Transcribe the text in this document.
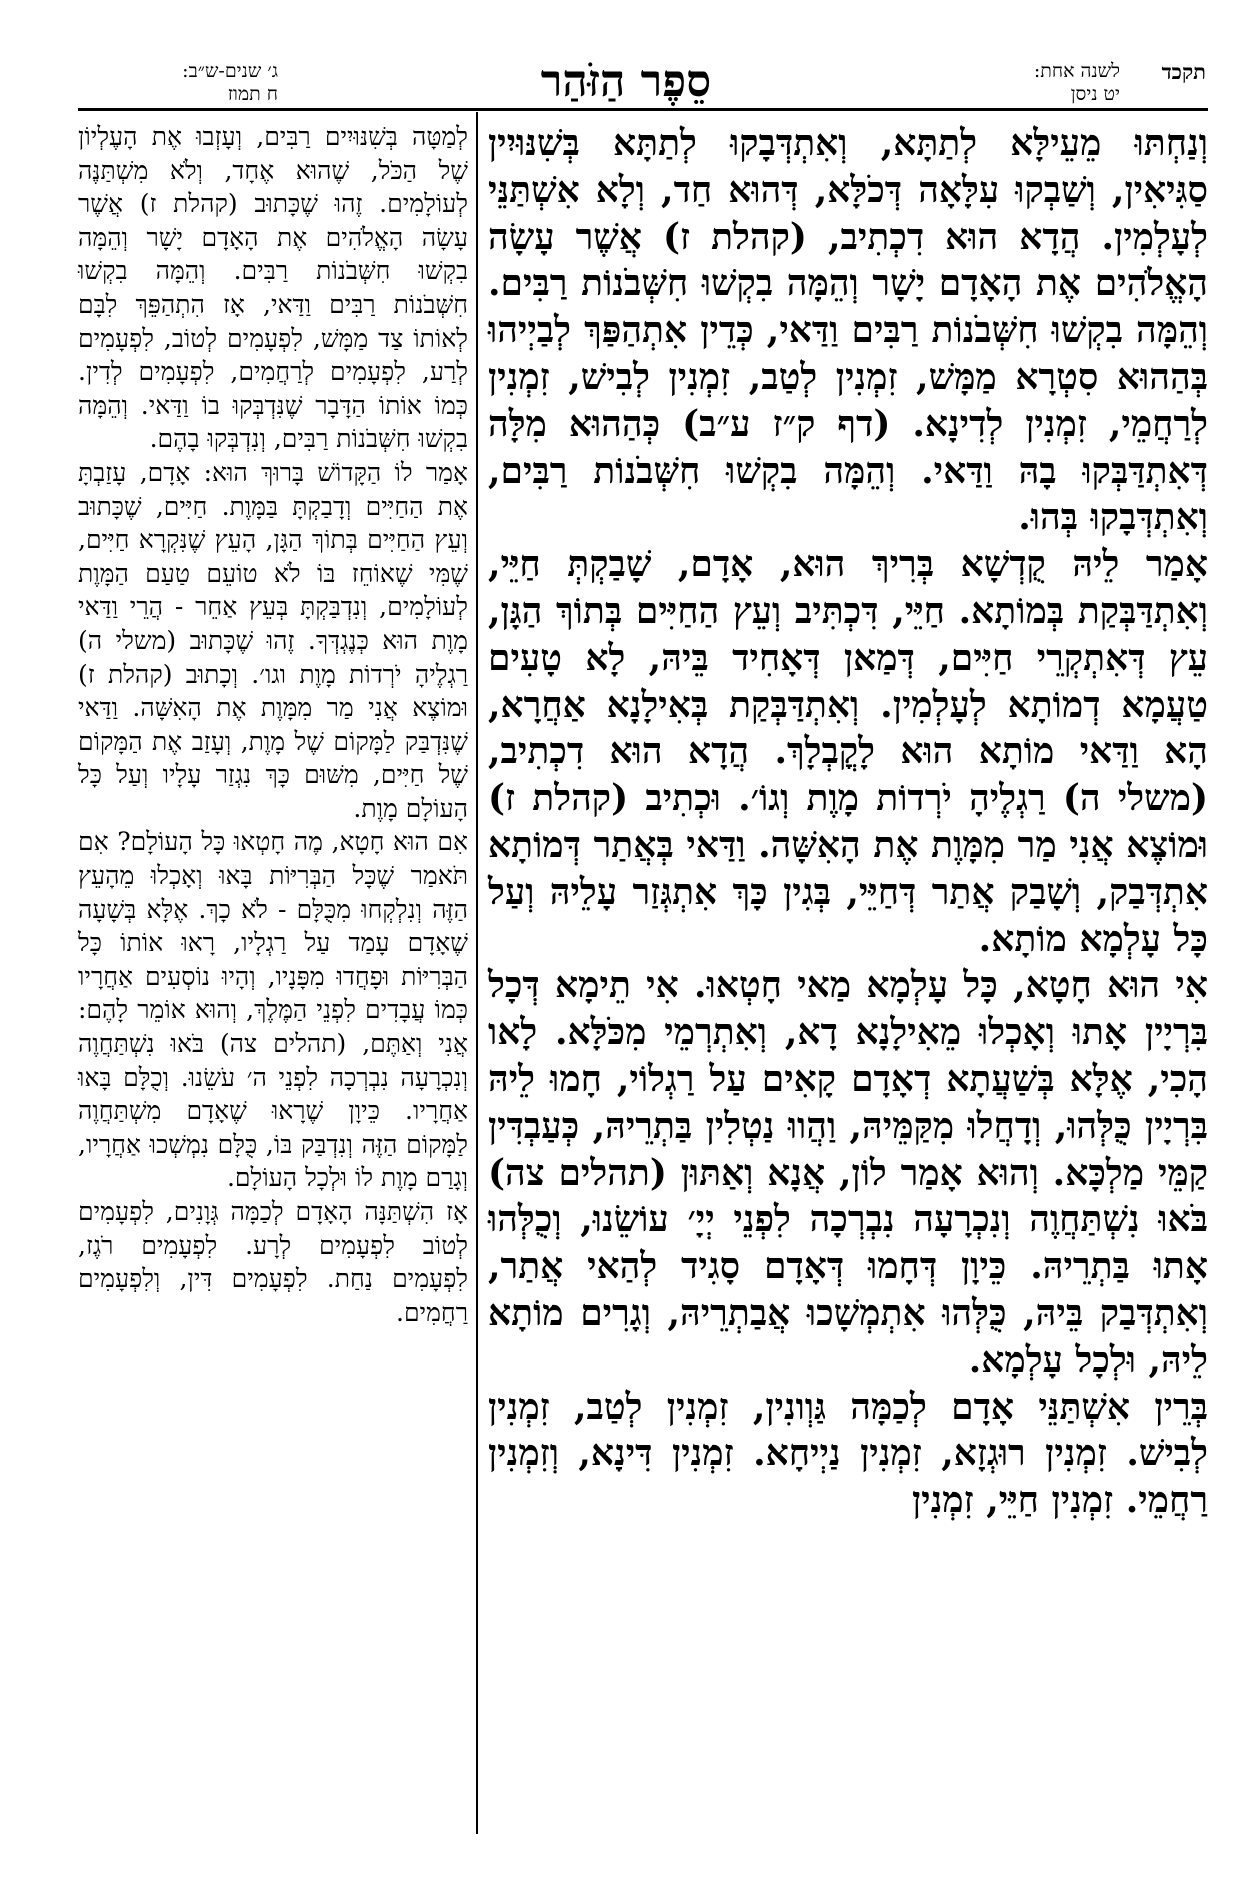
תקכד
לשנה אחת:
יט ניסן
סֵפֶר הַזֹּהַר
ג׳ שנים-ש״ב:
ח תמוז

וְנַחְתּוּ מֵעֵילָּא לְתַתָּא, וְאִתְדְּבָקוּ לְתַתָּא בְּשִׁנּוּיִין סַגִּיאִין, וְשַׁבְקוּ עִלָּאָה דְּכֹלָּא, דְּהוּא חַד, וְלָא אִשְׁתַּנֵּי לְעָלְמִין. הֲדָא הוּא דִכְתִיב, (קהלת ז) אֲשֶׁר עָשָׂה הָאֱלֹהִים אֶת הָאָדָם יָשָׁר וְהֵמָּה בִקְשׁוּ חִשְּׁבֹנוֹת רַבִּים. וְהֵמָּה בִקְשׁוּ חִשְּׁבֹנוֹת רַבִּים וַדַּאי, כְּדֵין אִתְהַפַּךְ לְבַיְיהוּ בְּהַהוּא סִטְרָא מַמָּשׁ, זִמְנִין לְטַב, זִמְנִין לְבִישׁ, זִמְנִין לְרַחֲמֵי, זִמְנִין לְדִינָא. (דף ק״ז ע״ב) כְּהַהוּא מִלָּה דְּאִתְדַּבְּקוּ בָהּ וַדַּאי. וְהֵמָּה בִקְשׁוּ חִשְּׁבֹנוֹת רַבִּים, וְאִתְדְּבָקוּ בְּהוּ.

אָמַר לֵיהּ קֻדְשָׁא בְּרִיךְ הוּא, אָדָם, שָׁבַקְתְּ חַיֵּי, וְאִתְדַּבְּקַת בְּמוֹתָא. חַיֵּי, דִּכְתִּיב וְעֵץ הַחַיִּים בְּתוֹךְ הַגָּן, עֵץ דְּאִתְקְרֵי חַיִּים, דְּמַאן דְּאָחִיד בֵּיהּ, לָא טָעִים טַעֲמָא דְמוֹתָא לְעָלְמִין. וְאִתְדַּבְּקַת בְּאִילָנָא אַחֲרָא, הָא וַדַּאי מוֹתָא הוּא לָקֳבְלָךְ. הֲדָא הוּא דִכְתִיב, (משלי ה) רַגְלֶיהָ יֹרְדוֹת מָוֶת וְגוֹ׳. וּכְתִיב (קהלת ז) וּמוֹצֶא אֲנִי מַר מִמָּוֶת אֶת הָאִשָּׁה. וַדַּאי בְּאֲתַר דְּמוֹתָא אִתְדְּבַק, וְשָׁבַק אֲתַר דְּחַיֵּי, בְּגִין כָּךְ אִתְגְּזַר עָלֵיהּ וְעַל כָּל עָלְמָא מוֹתָא.

אִי הוּא חָטָא, כָּל עָלְמָא מַאי חָטְאוּ. אִי תֵימָא דְּכָל בִּרְיָין אָתוּ וְאָכְלוּ מֵאִילָנָא דָא, וְאִתְרְמֵי מִכֹּלָּא. לָאו הָכִי, אֶלָּא בְּשַׁעֲתָא דְאָדָם קָאִים עַל רַגְלוֹי, חָמוּ לֵיהּ בִּרְיָין כֻּלְּהוּ, וְדָחֲלוּ מִקַּמֵּיהּ, וַהֲווּ נַטְלִין בַּתְרֵיהּ, כְּעַבְדִּין קַמֵּי מַלְכָּא. וְהוּא אָמַר לוֹן, אֲנָא וְאַתּוּן (תהלים צה) בֹּאוּ נִשְׁתַּחֲוֶה וְנִכְרָעָה נִבְרְכָה לִפְנֵי יְיָ׳ עוֹשֵׂנוּ, וְכֻלְּהוּ אָתוּ בַּתְרֵיהּ. כֵּיוָן דְּחָמוּ דְּאָדָם סָגִיד לְהַאי אֲתַר, וְאִתְדְּבַק בֵּיהּ, כֻּלְּהוּ אִתְמְשָׁכוּ אֲבַתְרֵיהּ, וְגָרִים מוֹתָא לֵיהּ, וּלְכָל עָלְמָא.

בְּרֵין אִשְׁתַּנֵּי אָדָם לְכַמָּה גַּוְונִין, זִמְנִין לְטַב, זִמְנִין לְבִישׁ. זִמְנִין רוּגְזָא, זִמְנִין נַיְיחָא. זִמְנִין דִּינָא, וְזִמְנִין רַחֲמֵי. זִמְנִין חַיֵּי, זִמְנִין

לְמַטָּה בְּשִׁנּוּיִים רַבִּים, וְעָזְבוּ אֶת הָעֶלְיוֹן שֶׁל הַכֹּל, שֶׁהוּא אֶחָד, וְלֹא מִשְׁתַּנֶּה לְעוֹלָמִים. זֶהוּ שֶׁכָּתוּב (קהלת ז) אֲשֶׁר עָשָׂה הָאֱלֹהִים אֶת הָאָדָם יָשָׁר וְהֵמָּה בִקְשׁוּ חִשְּׁבֹנוֹת רַבִּים. וְהֵמָּה בִקְשׁוּ חִשְּׁבֹנוֹת רַבִּים וַדַּאי, אָז הִתְהַפֵּךְ לִבָּם לְאוֹתוֹ צַד מַמָּשׁ, לִפְעָמִים לְטוֹב, לִפְעָמִים לְרַע, לִפְעָמִים לְרַחֲמִים, לִפְעָמִים לְדִין. כְּמוֹ אוֹתוֹ הַדָּבָר שֶׁנִּדְבְּקוּ בוֹ וַדַּאי. וְהֵמָּה בִקְשׁוּ חִשְּׁבֹנוֹת רַבִּים, וְנִדְבְּקוּ בָהֶם.

אָמַר לוֹ הַקָּדוֹשׁ בָּרוּךְ הוּא: אָדָם, עָזַבְתָּ אֶת הַחַיִּים וְדָבַקְתָּ בַּמָּוֶת. חַיִּים, שֶׁכָּתוּב וְעֵץ הַחַיִּים בְּתוֹךְ הַגָּן, הָעֵץ שֶׁנִּקְרָא חַיִּים, שֶׁמִּי שֶׁאוֹחֵז בּוֹ לֹא טוֹעֵם טַעַם הַמָּוֶת לְעוֹלָמִים, וְנִדְבַּקְתָּ בְּעֵץ אַחֵר - הֲרֵי וַדַּאי מָוֶת הוּא כְּנֶגְדְּךָ. זֶהוּ שֶׁכָּתוּב (משלי ה) רַגְלֶיהָ יֹרְדוֹת מָוֶת וגו׳. וְכָתוּב (קהלת ז) וּמוֹצֶא אֲנִי מַר מִמָּוֶת אֶת הָאִשָּׁה. וַדַּאי שֶׁנִּדְבַּק לַמָּקוֹם שֶׁל מָוֶת, וְעָזַב אֶת הַמָּקוֹם שֶׁל חַיִּים, מִשּׁוּם כָּךְ נִגְזַר עָלָיו וְעַל כָּל הָעוֹלָם מָוֶת.

אִם הוּא חָטָא, מֶה חָטְאוּ כָּל הָעוֹלָם? אִם תֹּאמַר שֶׁכָּל הַבְּרִיּוֹת בָּאוּ וְאָכְלוּ מֵהָעֵץ הַזֶּה וְנִלְקְחוּ מִכֻּלָּם - לֹא כָךְ. אֶלָּא בְּשָׁעָה שֶׁאָדָם עָמַד עַל רַגְלָיו, רָאוּ אוֹתוֹ כָּל הַבְּרִיּוֹת וּפָחֲדוּ מִפָּנָיו, וְהָיוּ נוֹסְעִים אַחֲרָיו כְּמוֹ עֲבָדִים לִפְנֵי הַמֶּלֶךְ, וְהוּא אוֹמֵר לָהֶם: אֲנִי וְאַתֶּם, (תהלים צה) בֹּאוּ נִשְׁתַּחֲוֶה וְנִכְרָעָה נִבְרְכָה לִפְנֵי ה׳ עֹשֵׂנוּ. וְכֻלָּם בָּאוּ אַחֲרָיו. כֵּיוָן שֶׁרָאוּ שֶׁאָדָם מִשְׁתַּחֲוֶה לַמָּקוֹם הַזֶּה וְנִדְבַּק בּוֹ, כֻּלָּם נִמְשְׁכוּ אַחֲרָיו, וְגָרַם מָוֶת לוֹ וּלְכָל הָעוֹלָם.

אָז הִשְׁתַּנָּה הָאָדָם לְכַמָּה גְּוָנִים, לִפְעָמִים לְטוֹב לִפְעָמִים לְרָע. לִפְעָמִים רֹגֶז, לִפְעָמִים נַחַת. לִפְעָמִים דִּין, וְלִפְעָמִים רַחֲמִים.
